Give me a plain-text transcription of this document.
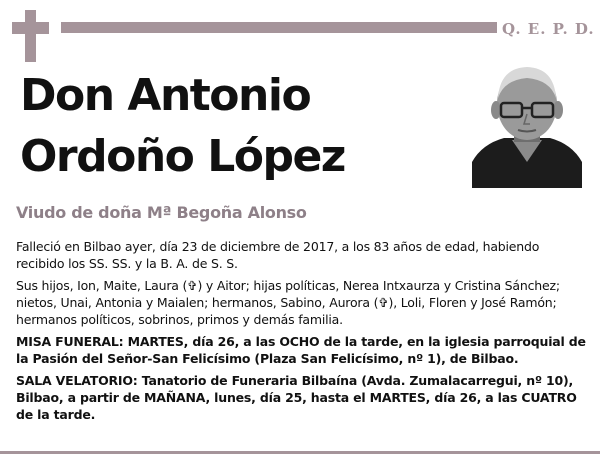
Q. E. P. D.
Don Antonio
Ordoño López
Viudo de doña Mª Begoña Alonso

Falleció en Bilbao ayer, día 23 de diciembre de 2017, a los 83 años de edad, habiendo recibido los SS. SS. y la B. A. de S. S.

Sus hijos, Ion, Maite, Laura (✞) y Aitor; hijas políticas, Nerea Intxaurza y Cristina Sánchez; nietos, Unai, Antonia y Maialen; hermanos, Sabino, Aurora (✞), Loli, Floren y José Ramón; hermanos políticos, sobrinos, primos y demás familia.

MISA FUNERAL: MARTES, día 26, a las OCHO de la tarde, en la iglesia parroquial de la Pasión del Señor-San Felicísimo (Plaza San Felicísimo, nº 1), de Bilbao.

SALA VELATORIO: Tanatorio de Funeraria Bilbaína (Avda. Zumalacarregui, nº 10), Bilbao, a partir de MAÑANA, lunes, día 25, hasta el MARTES, día 26, a las CUATRO de la tarde.
